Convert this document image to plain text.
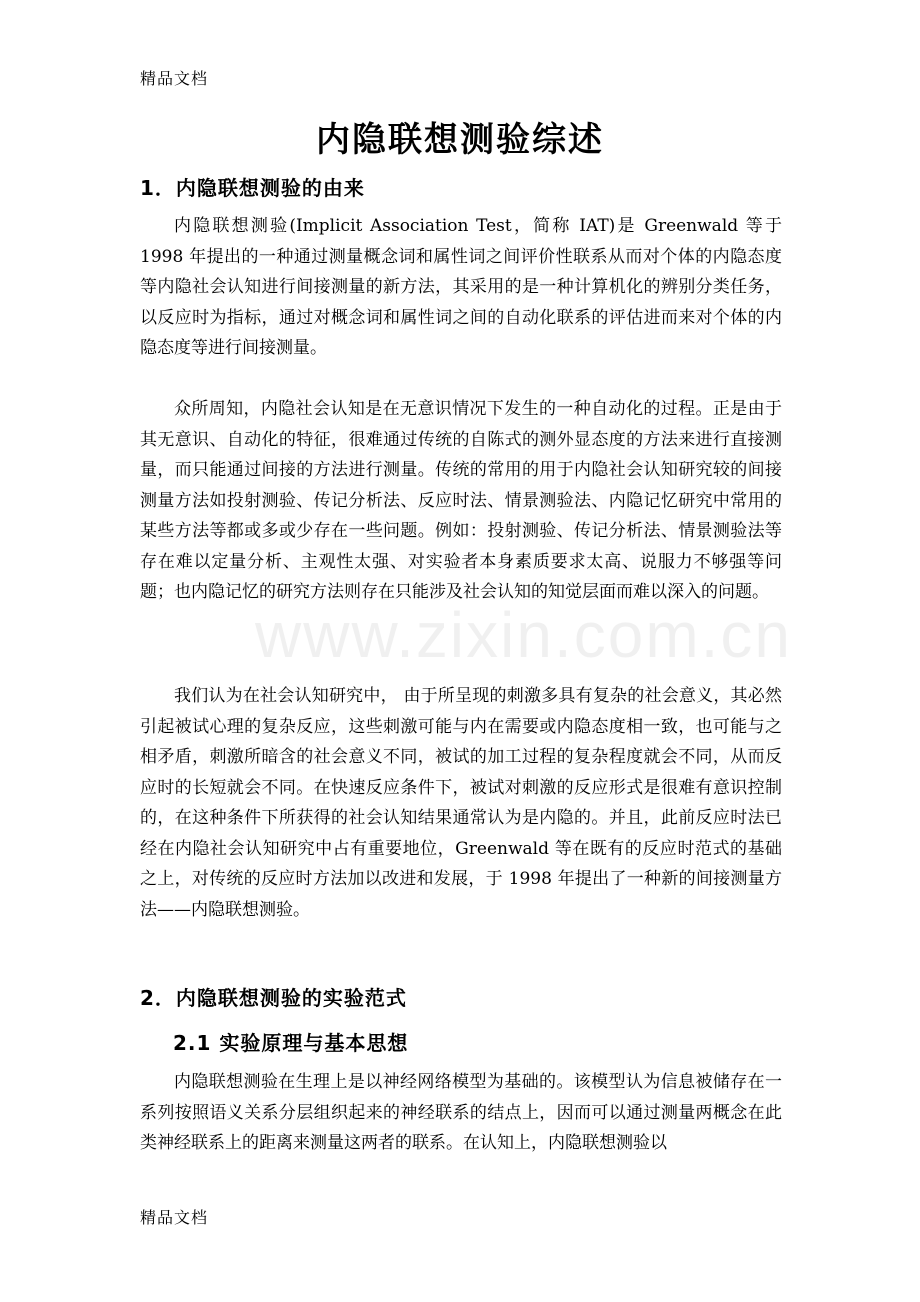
精品文档
内隐联想测验综述
1．内隐联想测验的由来

内隐联想测验(Implicit Association Test，简称 IAT)是 Greenwald 等于 1998 年提出的一种通过测量概念词和属性词之间评价性联系从而对个体的内隐态度等内隐社会认知进行间接测量的新方法，其采用的是一种计算机化的辨别分类任务，以反应时为指标，通过对概念词和属性词之间的自动化联系的评估进而来对个体的内隐态度等进行间接测量。

众所周知，内隐社会认知是在无意识情况下发生的一种自动化的过程。正是由于其无意识、自动化的特征，很难通过传统的自陈式的测外显态度的方法来进行直接测量，而只能通过间接的方法进行测量。传统的常用的用于内隐社会认知研究较的间接测量方法如投射测验、传记分析法、反应时法、情景测验法、内隐记忆研究中常用的某些方法等都或多或少存在一些问题。例如：投射测验、传记分析法、情景测验法等存在难以定量分析、主观性太强、对实验者本身素质要求太高、说服力不够强等问题；也内隐记忆的研究方法则存在只能涉及社会认知的知觉层面而难以深入的问题。

我们认为在社会认知研究中， 由于所呈现的刺激多具有复杂的社会意义，其必然引起被试心理的复杂反应，这些刺激可能与内在需要或内隐态度相一致，也可能与之相矛盾，刺激所暗含的社会意义不同，被试的加工过程的复杂程度就会不同，从而反应时的长短就会不同。在快速反应条件下，被试对刺激的反应形式是很难有意识控制的，在这种条件下所获得的社会认知结果通常认为是内隐的。并且，此前反应时法已经在内隐社会认知研究中占有重要地位，Greenwald 等在既有的反应时范式的基础之上，对传统的反应时方法加以改进和发展，于 1998 年提出了一种新的间接测量方法——内隐联想测验。

2．内隐联想测验的实验范式
2.1 实验原理与基本思想

内隐联想测验在生理上是以神经网络模型为基础的。该模型认为信息被储存在一系列按照语义关系分层组织起来的神经联系的结点上，因而可以通过测量两概念在此类神经联系上的距离来测量这两者的联系。在认知上，内隐联想测验以

www.zixin.com.cn
精品文档
